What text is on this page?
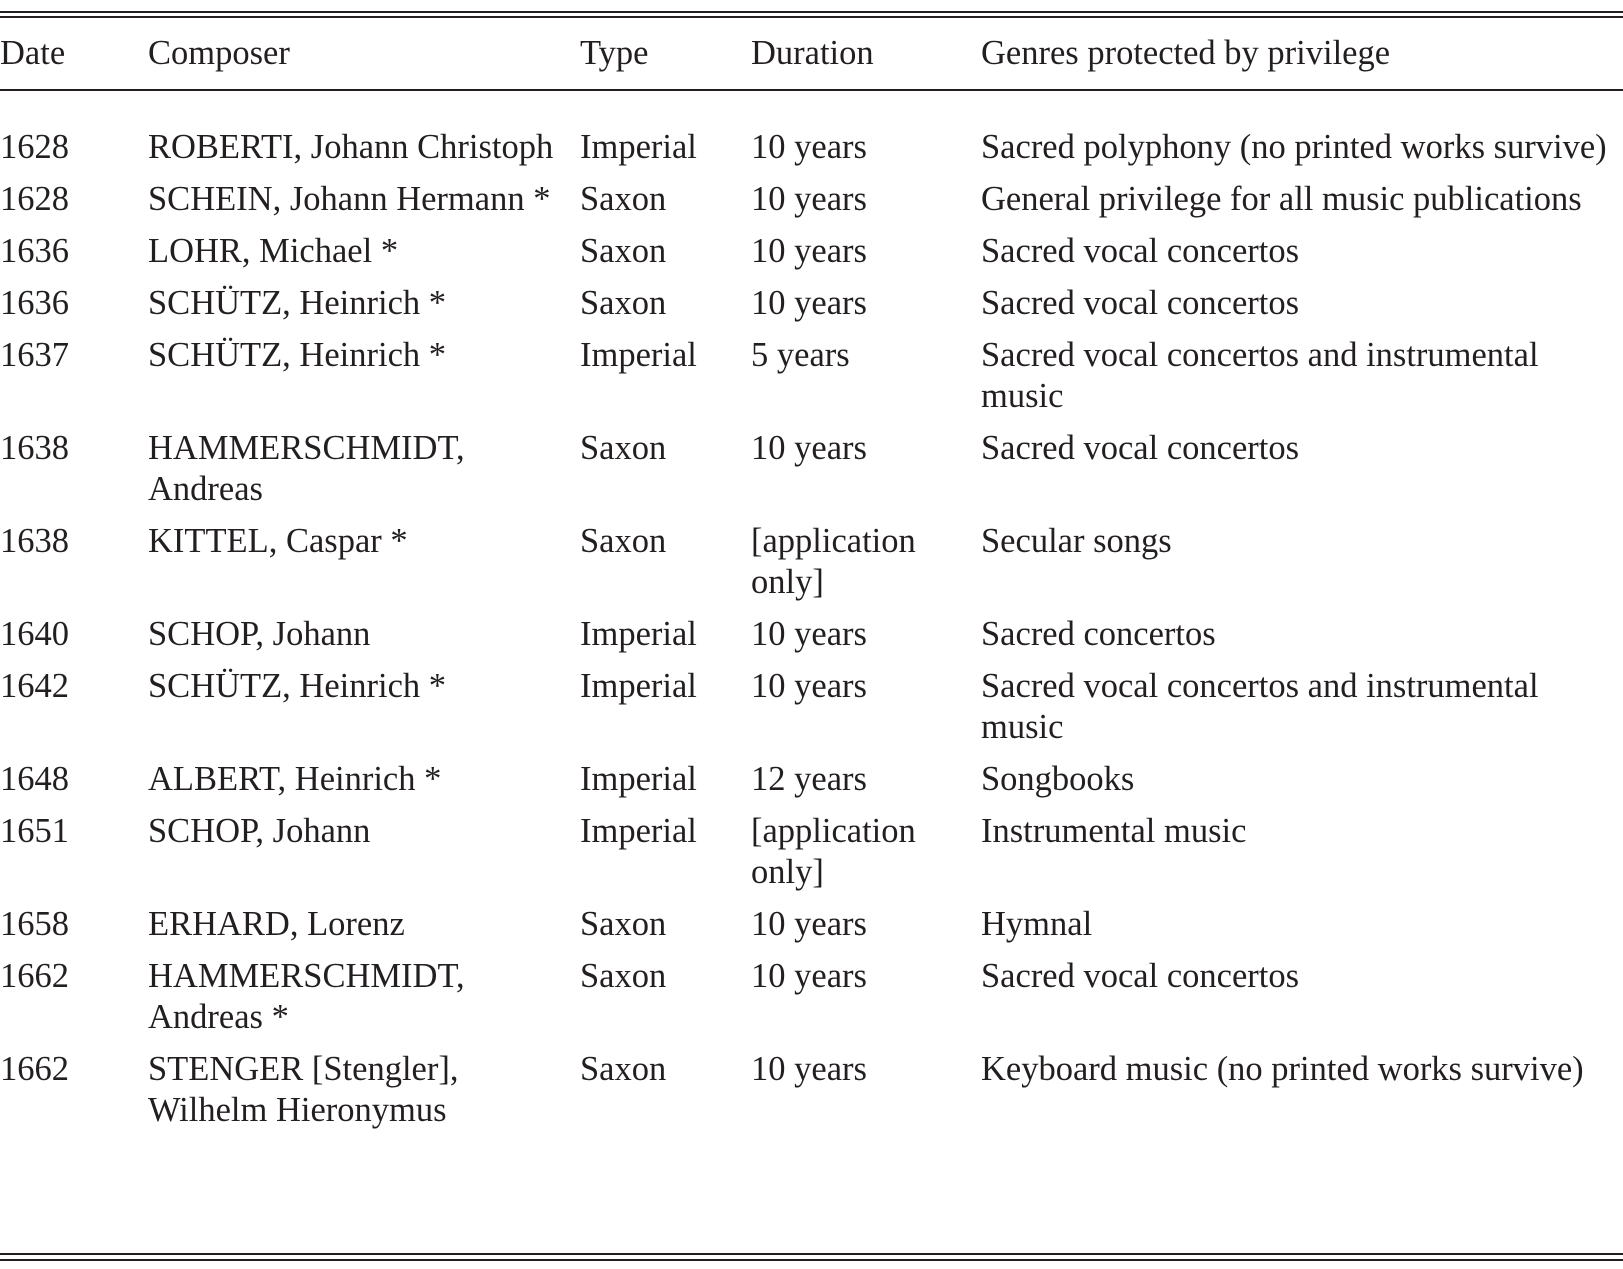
Date	Composer	Type	Duration	Genres protected by privilege
1628	ROBERTI, Johann Christoph	Imperial	10 years	Sacred polyphony (no printed works survive)
1628	SCHEIN, Johann Hermann *	Saxon	10 years	General privilege for all music publications
1636	LOHR, Michael *	Saxon	10 years	Sacred vocal concertos
1636	SCHÜTZ, Heinrich *	Saxon	10 years	Sacred vocal concertos
1637	SCHÜTZ, Heinrich *	Imperial	5 years	Sacred vocal concertos and instrumental music
1638	HAMMERSCHMIDT, Andreas	Saxon	10 years	Sacred vocal concertos
1638	KITTEL, Caspar *	Saxon	[application only]	Secular songs
1640	SCHOP, Johann	Imperial	10 years	Sacred concertos
1642	SCHÜTZ, Heinrich *	Imperial	10 years	Sacred vocal concertos and instrumental music
1648	ALBERT, Heinrich *	Imperial	12 years	Songbooks
1651	SCHOP, Johann	Imperial	[application only]	Instrumental music
1658	ERHARD, Lorenz	Saxon	10 years	Hymnal
1662	HAMMERSCHMIDT, Andreas *	Saxon	10 years	Sacred vocal concertos
1662	STENGER [Stengler], Wilhelm Hieronymus	Saxon	10 years	Keyboard music (no printed works survive)
